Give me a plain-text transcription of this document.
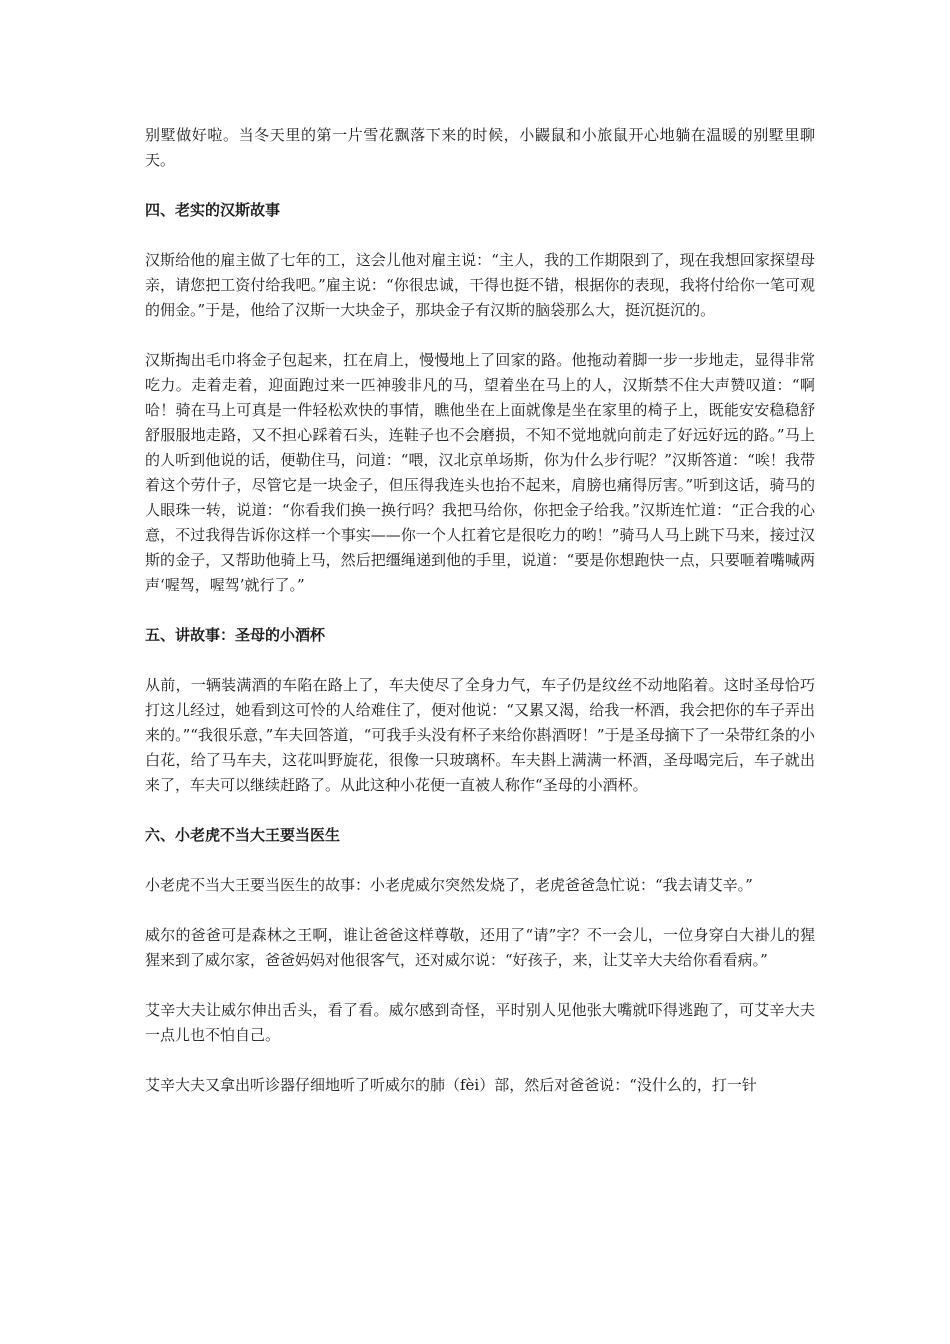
别墅做好啦。当冬天里的第一片雪花飘落下来的时候，小鼹鼠和小旅鼠开心地躺在温暖的别墅里聊天。

四、老实的汉斯故事

汉斯给他的雇主做了七年的工，这会儿他对雇主说：“主人，我的工作期限到了，现在我想回家探望母亲，请您把工资付给我吧。”雇主说：“你很忠诚，干得也挺不错，根据你的表现，我将付给你一笔可观的佣金。”于是，他给了汉斯一大块金子，那块金子有汉斯的脑袋那么大，挺沉挺沉的。

汉斯掏出毛巾将金子包起来，扛在肩上，慢慢地上了回家的路。他拖动着脚一步一步地走，显得非常吃力。走着走着，迎面跑过来一匹神骏非凡的马，望着坐在马上的人，汉斯禁不住大声赞叹道：“啊哈！骑在马上可真是一件轻松欢快的事情，瞧他坐在上面就像是坐在家里的椅子上，既能安安稳稳舒舒服服地走路，又不担心踩着石头，连鞋子也不会磨损，不知不觉地就向前走了好远好远的路。”马上的人听到他说的话，便勒住马，问道：“喂，汉北京单场斯，你为什么步行呢？”汉斯答道：“唉！我带着这个劳什子，尽管它是一块金子，但压得我连头也抬不起来，肩膀也痛得厉害。”听到这话，骑马的人眼珠一转，说道：“你看我们换一换行吗？我把马给你，你把金子给我。”汉斯连忙道：“正合我的心意，不过我得告诉你这样一个事实——你一个人扛着它是很吃力的哟！”骑马人马上跳下马来，接过汉斯的金子，又帮助他骑上马，然后把缰绳递到他的手里，说道：“要是你想跑快一点，只要咂着嘴喊两声‘喔驾，喔驾’就行了。”

五、讲故事：圣母的小酒杯

从前，一辆装满酒的车陷在路上了，车夫使尽了全身力气，车子仍是纹丝不动地陷着。这时圣母恰巧打这儿经过，她看到这可怜的人给难住了，便对他说：“又累又渴，给我一杯酒，我会把你的车子弄出来的。”“我很乐意，”车夫回答道，“可我手头没有杯子来给你斟酒呀！”于是圣母摘下了一朵带红条的小白花，给了马车夫，这花叫野旋花，很像一只玻璃杯。车夫斟上满满一杯酒，圣母喝完后，车子就出来了，车夫可以继续赶路了。从此这种小花便一直被人称作“圣母的小酒杯。

六、小老虎不当大王要当医生

小老虎不当大王要当医生的故事：小老虎威尔突然发烧了，老虎爸爸急忙说：“我去请艾辛。”

威尔的爸爸可是森林之王啊，谁让爸爸这样尊敬，还用了“请”字？不一会儿，一位身穿白大褂儿的猩猩来到了威尔家，爸爸妈妈对他很客气，还对威尔说：“好孩子，来，让艾辛大夫给你看看病。”

艾辛大夫让威尔伸出舌头，看了看。威尔感到奇怪，平时别人见他张大嘴就吓得逃跑了，可艾辛大夫一点儿也不怕自己。

艾辛大夫又拿出听诊器仔细地听了听威尔的肺（fèi）部，然后对爸爸说：“没什么的，打一针
